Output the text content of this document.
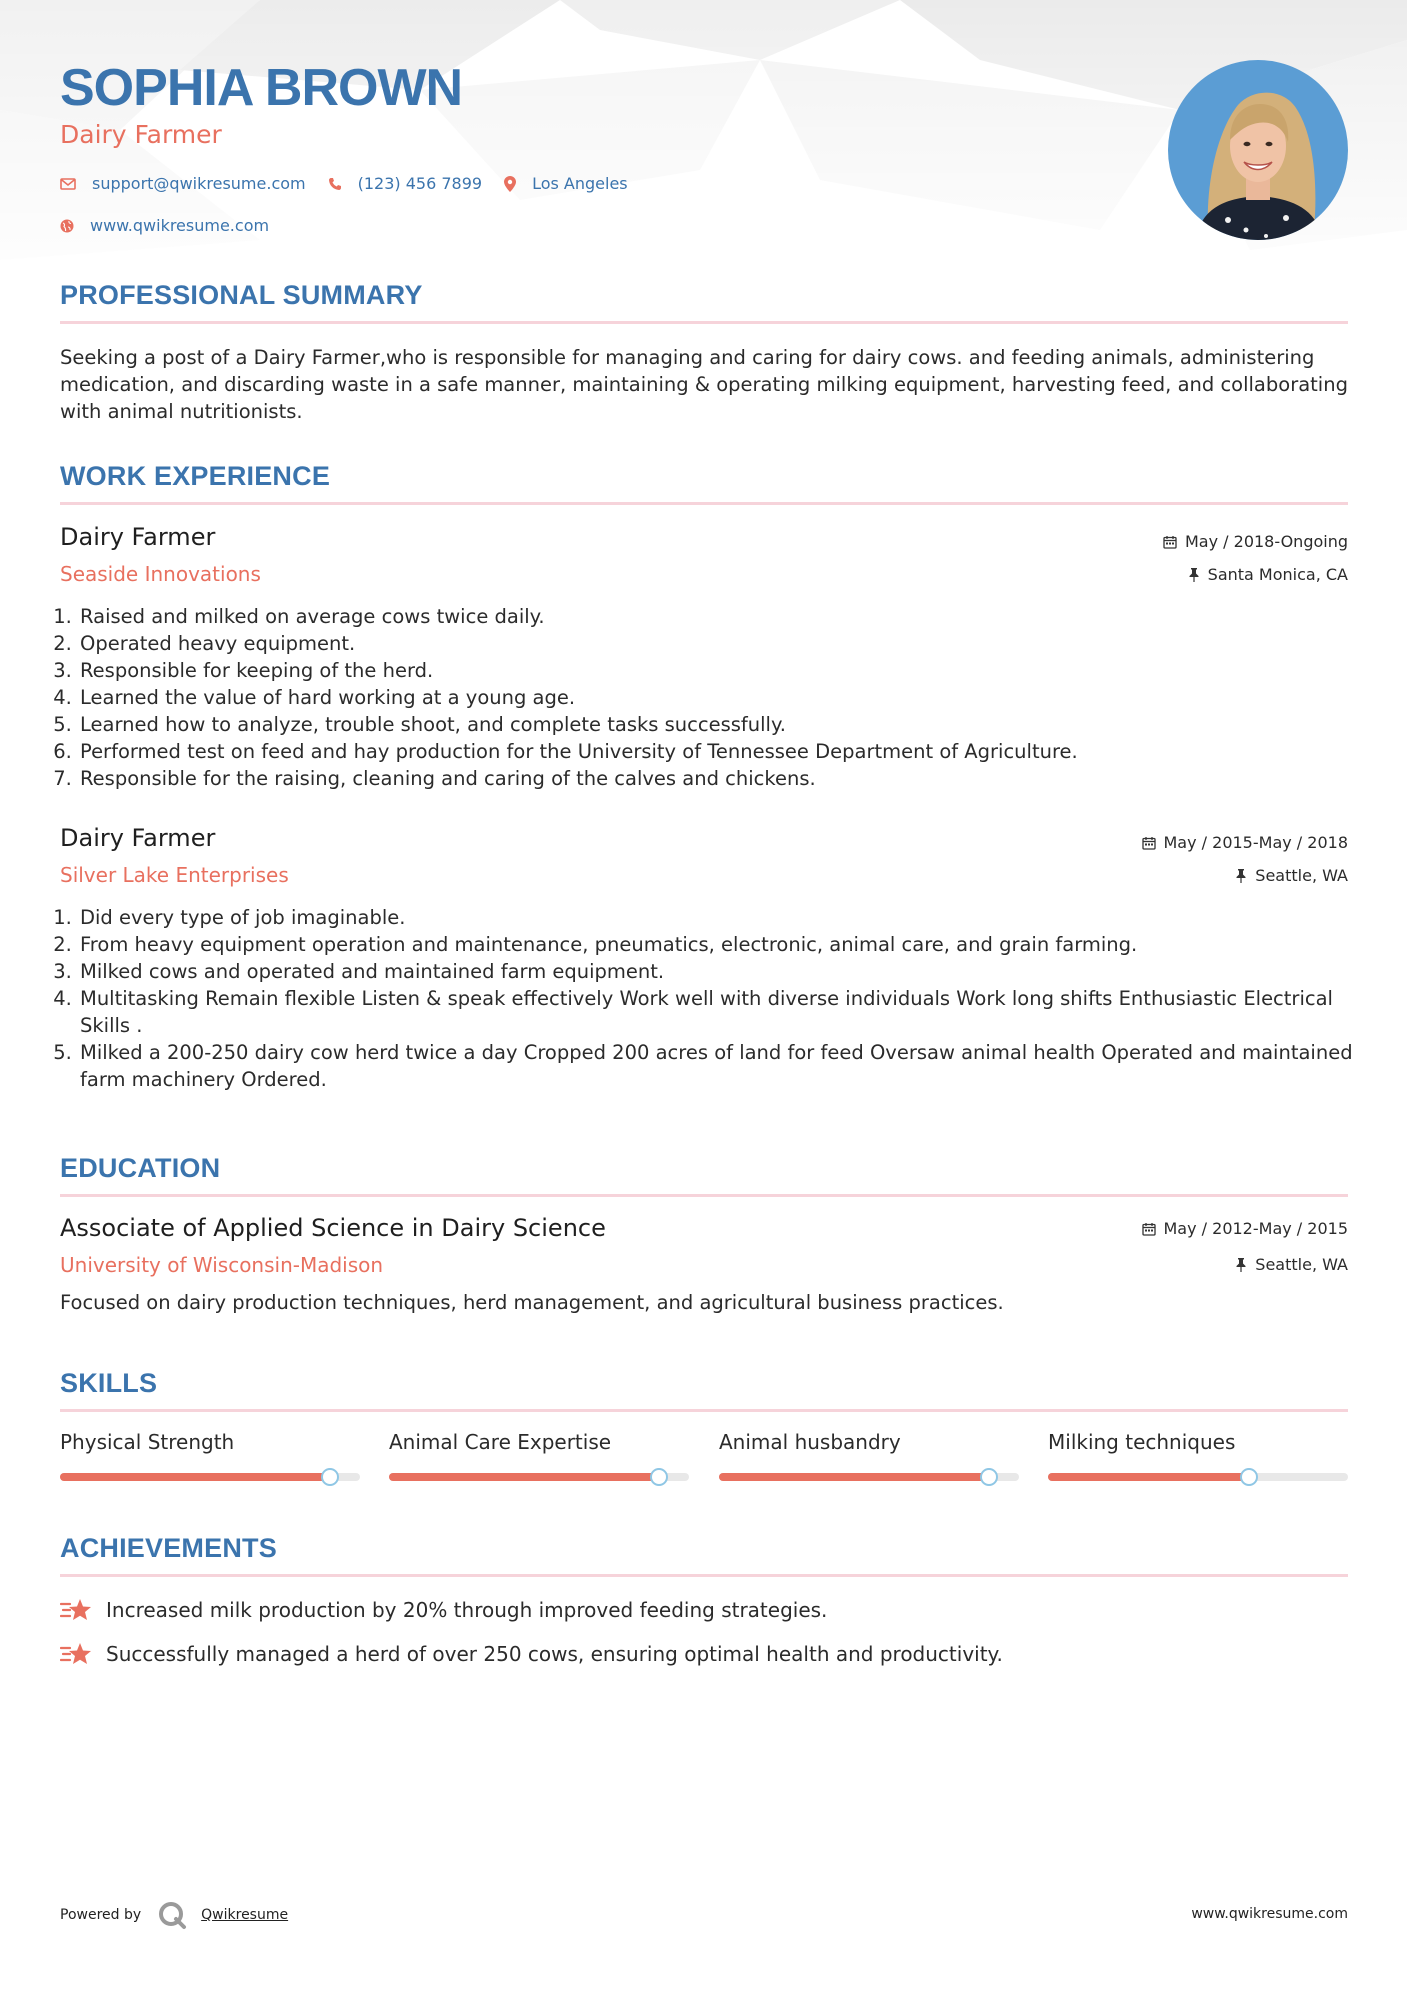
SOPHIA BROWN
Dairy Farmer
support@qwikresume.com	(123) 456 7899	Los Angeles
www.qwikresume.com
PROFESSIONAL SUMMARY

Seeking a post of a Dairy Farmer,who is responsible for managing and caring for dairy cows. and feeding animals, administering medication, and discarding waste in a safe manner, maintaining & operating milking equipment, harvesting feed, and collaborating with animal nutritionists.

WORK EXPERIENCE
Dairy Farmer
Seaside Innovations
May / 2018-Ongoing
Santa Monica, CA
1. Raised and milked on average cows twice daily.
2. Operated heavy equipment.
3. Responsible for keeping of the herd.
4. Learned the value of hard working at a young age.
5. Learned how to analyze, trouble shoot, and complete tasks successfully.
6. Performed test on feed and hay production for the University of Tennessee Department of Agriculture.
7. Responsible for the raising, cleaning and caring of the calves and chickens.
Dairy Farmer
Silver Lake Enterprises
May / 2015-May / 2018
Seattle, WA
1. Did every type of job imaginable.
2. From heavy equipment operation and maintenance, pneumatics, electronic, animal care, and grain farming.
3. Milked cows and operated and maintained farm equipment.
4. Multitasking Remain flexible Listen & speak effectively Work well with diverse individuals Work long shifts Enthusiastic Electrical Skills .
5. Milked a 200-250 dairy cow herd twice a day Cropped 200 acres of land for feed Oversaw animal health Operated and maintained farm machinery Ordered.
EDUCATION
Associate of Applied Science in Dairy Science
University of Wisconsin-Madison
May / 2012-May / 2015
Seattle, WA

Focused on dairy production techniques, herd management, and agricultural business practices.

SKILLS
Physical Strength	Animal Care Expertise	Animal husbandry	Milking techniques
ACHIEVEMENTS
Increased milk production by 20% through improved feeding strategies.
Successfully managed a herd of over 250 cows, ensuring optimal health and productivity.
Powered by	Qwikresume	www.qwikresume.com
